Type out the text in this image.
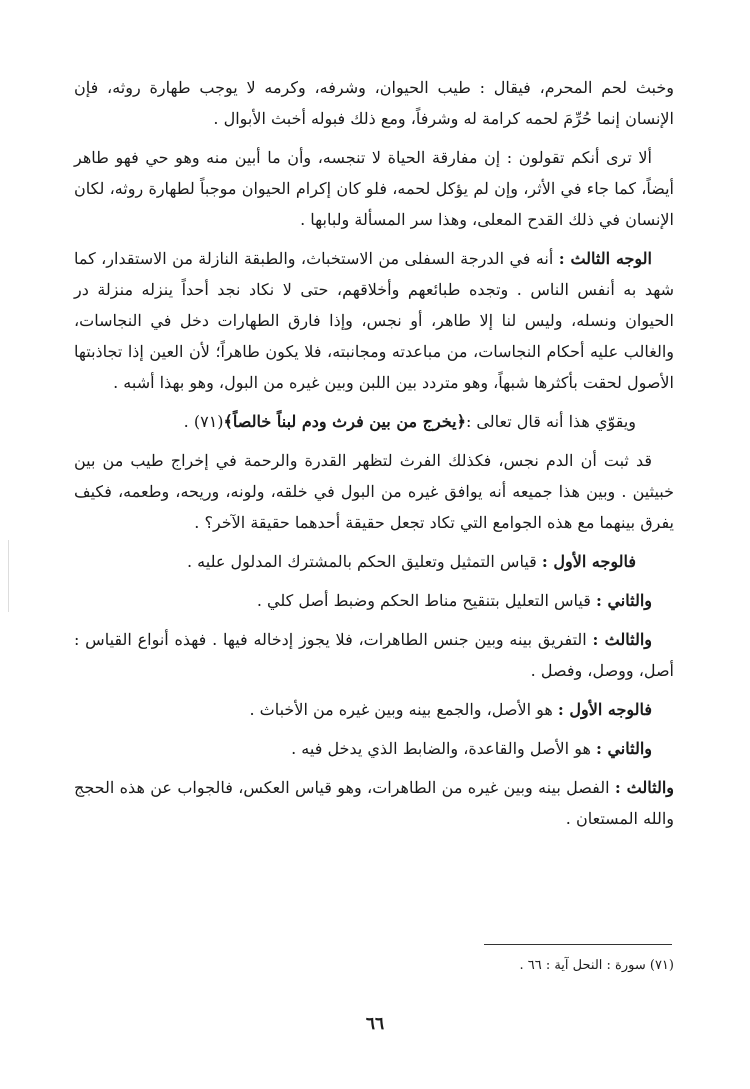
وخبث لحم المحرم، فيقال : طيب الحيوان، وشرفه، وكرمه لا يوجب طهارة روثه، فإن الإنسان إنما حُرِّمَ لحمه كرامة له وشرفاً، ومع ذلك فبوله أخبث الأبوال .

ألا ترى أنكم تقولون : إن مفارقة الحياة لا تنجسه، وأن ما أبين منه وهو حي فهو طاهر أيضاً، كما جاء في الأثر، وإن لم يؤكل لحمه، فلو كان إكرام الحيوان موجباً لطهارة روثه، لكان الإنسان في ذلك القدح المعلى، وهذا سر المسألة ولبابها .

الوجه الثالث : أنه في الدرجة السفلى من الاستخباث، والطبقة النازلة من الاستقدار، كما شهد به أنفس الناس . وتجده طبائعهم وأخلاقهم، حتى لا نكاد نجد أحداً ينزله منزلة در الحيوان ونسله، وليس لنا إلا طاهر، أو نجس، وإذا فارق الطهارات دخل في النجاسات، والغالب عليه أحكام النجاسات، من مباعدته ومجانبته، فلا يكون طاهراً؛ لأن العين إذا تجاذبتها الأصول لحقت بأكثرها شبهاً، وهو متردد بين اللبن وبين غيره من البول، وهو بهذا أشبه .

ويقوّي هذا أنه قال تعالى :﴿يخرج من بين فرث ودم لبناً خالصاً﴾(٧١) .

قد ثبت أن الدم نجس، فكذلك الفرث لتظهر القدرة والرحمة في إخراج طيب من بين خبيثين . وبين هذا جميعه أنه يوافق غيره من البول في خلقه، ولونه، وريحه، وطعمه، فكيف يفرق بينهما مع هذه الجوامع التي تكاد تجعل حقيقة أحدهما حقيقة الآخر؟ .

فالوجه الأول : قياس التمثيل وتعليق الحكم بالمشترك المدلول عليه .

والثاني : قياس التعليل بتنقيح مناط الحكم وضبط أصل كلي .

والثالث : التفريق بينه وبين جنس الطاهرات، فلا يجوز إدخاله فيها . فهذه أنواع القياس : أصل، ووصل، وفصل .

فالوجه الأول : هو الأصل، والجمع بينه وبين غيره من الأخباث .

والثاني : هو الأصل والقاعدة، والضابط الذي يدخل فيه .

والثالث : الفصل بينه وبين غيره من الطاهرات، وهو قياس العكس، فالجواب عن هذه الحجج والله المستعان .

(٧١) سورة : النحل آية : ٦٦ .
٦٦
